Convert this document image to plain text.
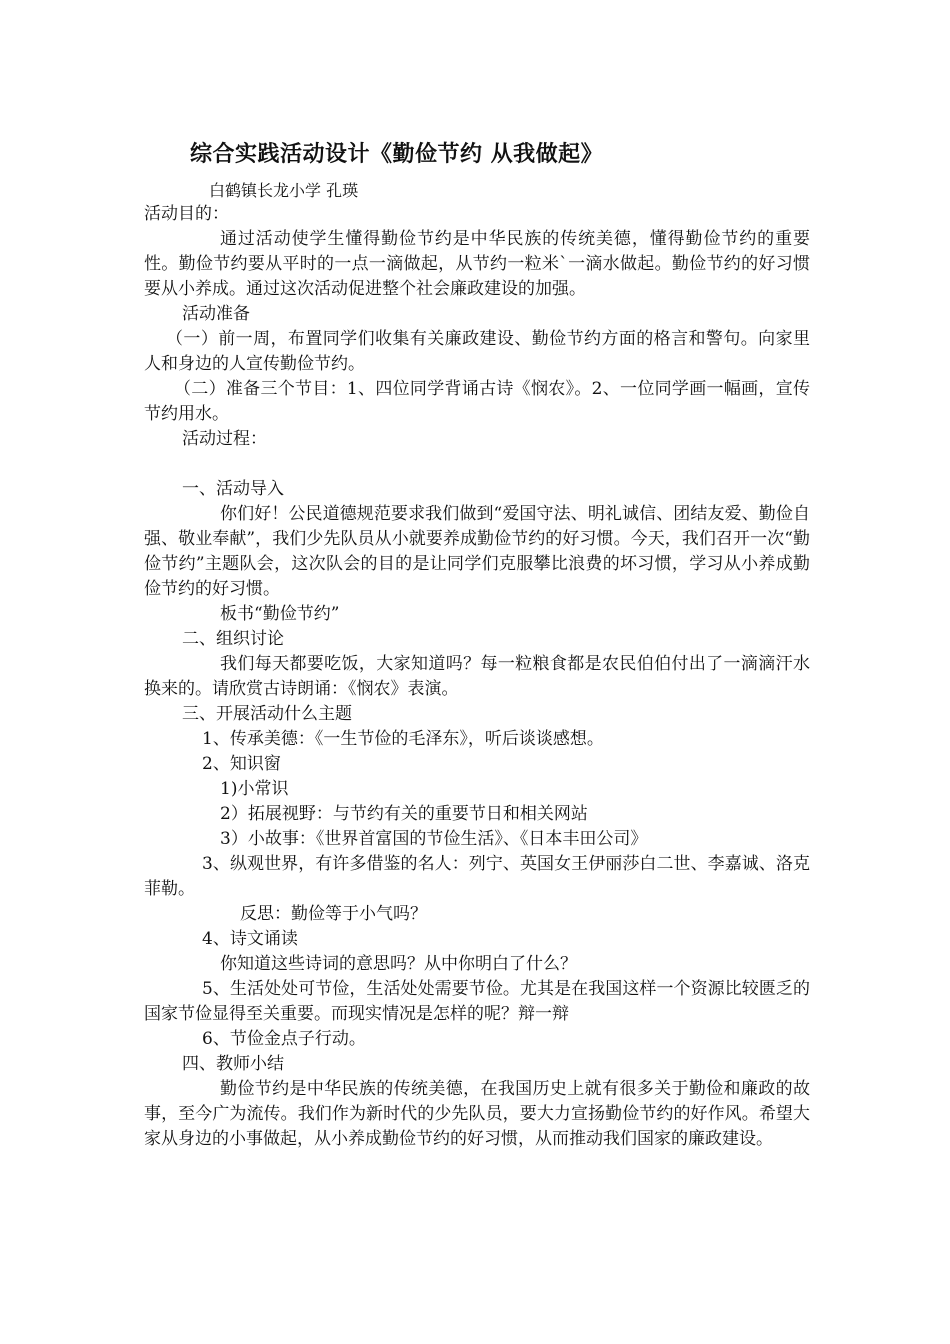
综合实践活动设计《勤俭节约 从我做起》
白鹤镇长龙小学 孔瑛

活动目的：

通过活动使学生懂得勤俭节约是中华民族的传统美德，懂得勤俭节约的重要性。勤俭节约要从平时的一点一滴做起，从节约一粒米`一滴水做起。勤俭节约的好习惯要从小养成。通过这次活动促进整个社会廉政建设的加强。

活动准备

（一）前一周，布置同学们收集有关廉政建设、勤俭节约方面的格言和警句。向家里人和身边的人宣传勤俭节约。

（二）准备三个节目：1、四位同学背诵古诗《悯农》。2、一位同学画一幅画，宣传节约用水。

活动过程：

一、活动导入

你们好！公民道德规范要求我们做到“爱国守法、明礼诚信、团结友爱、勤俭自强、敬业奉献”，我们少先队员从小就要养成勤俭节约的好习惯。今天，我们召开一次“勤俭节约”主题队会，这次队会的目的是让同学们克服攀比浪费的坏习惯，学习从小养成勤俭节约的好习惯。

板书“勤俭节约”

二、组织讨论

我们每天都要吃饭，大家知道吗？每一粒粮食都是农民伯伯付出了一滴滴汗水换来的。请欣赏古诗朗诵：《悯农》表演。

三、开展活动什么主题

1、传承美德：《一生节俭的毛泽东》，听后谈谈感想。

2、知识窗

1)小常识

2）拓展视野：与节约有关的重要节日和相关网站

3）小故事：《世界首富国的节俭生活》、《日本丰田公司》

3、纵观世界，有许多借鉴的名人：列宁、英国女王伊丽莎白二世、李嘉诚、洛克菲勒。

反思：勤俭等于小气吗？

4、诗文诵读

你知道这些诗词的意思吗？从中你明白了什么？

5、生活处处可节俭，生活处处需要节俭。尤其是在我国这样一个资源比较匮乏的国家节俭显得至关重要。而现实情况是怎样的呢？辩一辩

6、节俭金点子行动。

四、教师小结

勤俭节约是中华民族的传统美德，在我国历史上就有很多关于勤俭和廉政的故事，至今广为流传。我们作为新时代的少先队员，要大力宣扬勤俭节约的好作风。希望大家从身边的小事做起，从小养成勤俭节约的好习惯，从而推动我们国家的廉政建设。
